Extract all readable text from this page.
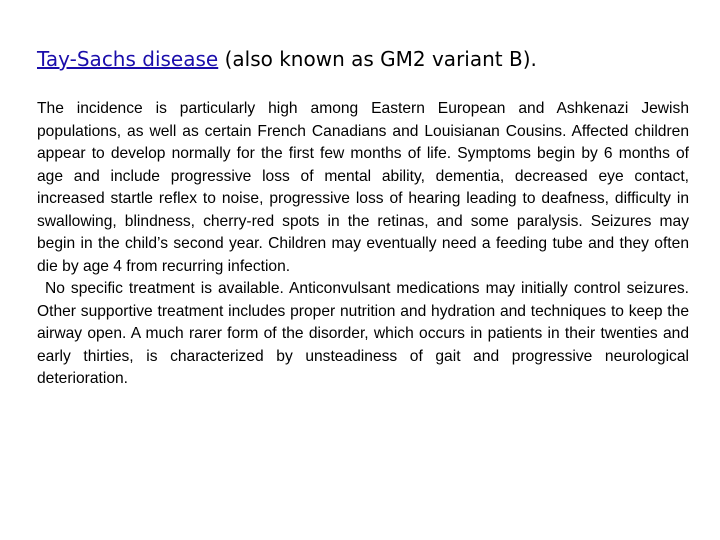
Tay-Sachs disease (also known as GM2 variant B).

The incidence is particularly high among Eastern European and Ashkenazi Jewish populations, as well as certain French Canadians and Louisianan Cousins. Affected children appear to develop normally for the first few months of life. Symptoms begin by 6 months of age and include progressive loss of mental ability, dementia, decreased eye contact, increased startle reflex to noise, progressive loss of hearing leading to deafness, difficulty in swallowing, blindness, cherry-red spots in the retinas, and some paralysis. Seizures may begin in the child’s second year. Children may eventually need a feeding tube and they often die by age 4 from recurring infection.

No specific treatment is available. Anticonvulsant medications may initially control seizures. Other supportive treatment includes proper nutrition and hydration and techniques to keep the airway open. A much rarer form of the disorder, which occurs in patients in their twenties and early thirties, is characterized by unsteadiness of gait and progressive neurological deterioration.
